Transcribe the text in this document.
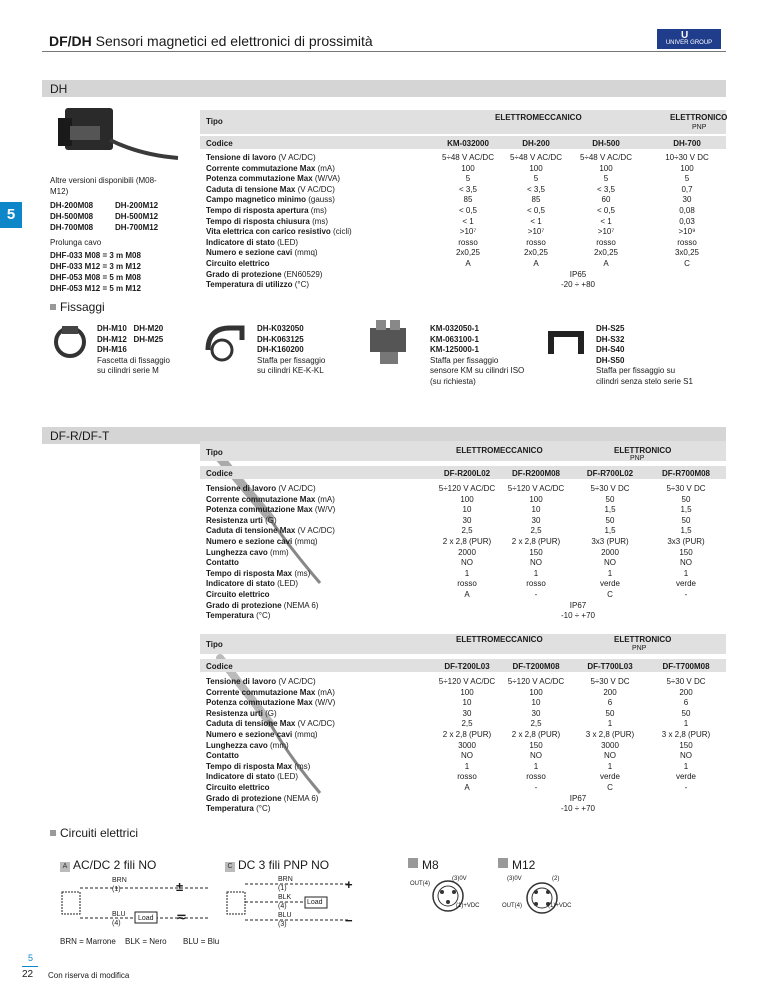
DF/DH Sensori magnetici ed elettronici di prossimità	U
UNIVER GROUP
5
DH
Tipo	ELETTROMECCANICO	ELETTRONICO
PNP
Codice	KM-032000	DH-200	DH-500	DH-700
Tensione di lavoro (V AC/DC)	5÷48 V AC/DC	5÷48 V AC/DC	5÷48 V AC/DC	10÷30 V DC
Corrente commutazione Max (mA)	100	100	100	100
Potenza commutazione Max (W/VA)	5	5	5	5
Caduta di tensione Max (V AC/DC)	< 3,5	< 3,5	< 3,5	0,7
Campo magnetico minimo (gauss)	85	85	60	30
Tempo di risposta apertura (ms)	< 0,5	< 0,5	< 0,5	0,08
Tempo di risposta chiusura (ms)	< 1	< 1	< 1	0,03
Vita elettrica con carico resistivo (cicli)	>10⁷	>10⁷	>10⁷	>10⁹
Indicatore di stato (LED)	rosso	rosso	rosso	rosso
Numero e sezione cavi (mmq)	2x0,25	2x0,25	2x0,25	3x0,25
Circuito elettrico	A	A	A	C
Grado di protezione (EN60529)	IP65
Temperatura di utilizzo (°C)	-20 ÷ +80
Altre versioni disponibili (M08-M12)
DH-200M08	DH-200M12
DH-500M08	DH-500M12
DH-700M08	DH-700M12
Prolunga cavo
DHF-033 M08 = 3 m M08
DHF-033 M12 = 3 m M12
DHF-053 M08 = 5 m M08
DHF-053 M12 = 5 m M12
Fissaggi
DH-M10   DH-M20
DH-M12   DH-M25
DH-M16
Fascetta di fissaggio
su cilindri serie M
DH-K032050
DH-K063125
DH-K160200
Staffa per fissaggio
su cilindri KE-K-KL
KM-032050-1
KM-063100-1
KM-125000-1
Staffa per fissaggio
sensore KM su cilindri ISO
(su richiesta)
DH-S25
DH-S32
DH-S40
DH-S50
Staffa per fissaggio su
cilindri senza stelo serie S1
DF-R/DF-T
Tipo	ELETTROMECCANICO	ELETTRONICO
PNP
Codice	DF-R200L02	DF-R200M08	DF-R700L02	DF-R700M08
Tensione di lavoro (V AC/DC)	5÷120 V AC/DC	5÷120 V AC/DC	5÷30 V DC	5÷30 V DC
Corrente commutazione Max (mA)	100	100	50	50
Potenza commutazione Max (W/V)	10	10	1,5	1,5
Resistenza urti (G)	30	30	50	50
Caduta di tensione Max (V AC/DC)	2,5	2,5	1,5	1,5
Numero e sezione cavi (mmq)	2 x 2,8 (PUR)	2 x 2,8 (PUR)	3x3 (PUR)	3x3 (PUR)
Lunghezza cavo (mm)	2000	150	2000	150
Contatto	NO	NO	NO	NO
Tempo di risposta Max (ms)	1	1	1	1
Indicatore di stato (LED)	rosso	rosso	verde	verde
Circuito elettrico	A	-	C	-
Grado di protezione (NEMA 6)	IP67
Temperatura (°C)	-10 ÷ +70
Tipo
ELETTROMECCANICO	ELETTRONICO
PNP
Codice	DF-T200L03	DF-T200M08	DF-T700L03	DF-T700M08
Tensione di lavoro (V AC/DC)	5÷120 V AC/DC	5÷120 V AC/DC	5÷30 V DC	5÷30 V DC
Corrente commutazione Max (mA)	100	100	200	200
Potenza commutazione Max (W/V)	10	10	6	6
Resistenza urti (G)	30	30	50	50
Caduta di tensione Max (V AC/DC)	2,5	2,5	1	1
Numero e sezione cavi (mmq)	2 x 2,8 (PUR)	2 x 2,8 (PUR)	3 x 2,8 (PUR)	3 x 2,8 (PUR)
Lunghezza cavo (mm)	3000	150	3000	150
Contatto	NO	NO	NO	NO
Tempo di risposta Max (ms)	1	1	1	1
Indicatore di stato (LED)	rosso	rosso	verde	verde
Circuito elettrico	A	-	C	-
Grado di protezione (NEMA 6)	IP67
Temperatura (°C)	-10 ÷ +70
Circuiti elettrici
A AC/DC 2 fili NO	C DC 3 fili PNP NO	M8	M12
BRN
(1)
BLU
(4)
Load
±
≂
BRN
(1)
BLK
(4)
BLU
(3)
Load
+
−
OUT(4)
(3)0V
(1)+VDC
(3)0V	(2)
OUT(4)	(1)+VDC
BRN = Marrone BLK = Nero BLU = Blu
5
22 Con riserva di modifica
